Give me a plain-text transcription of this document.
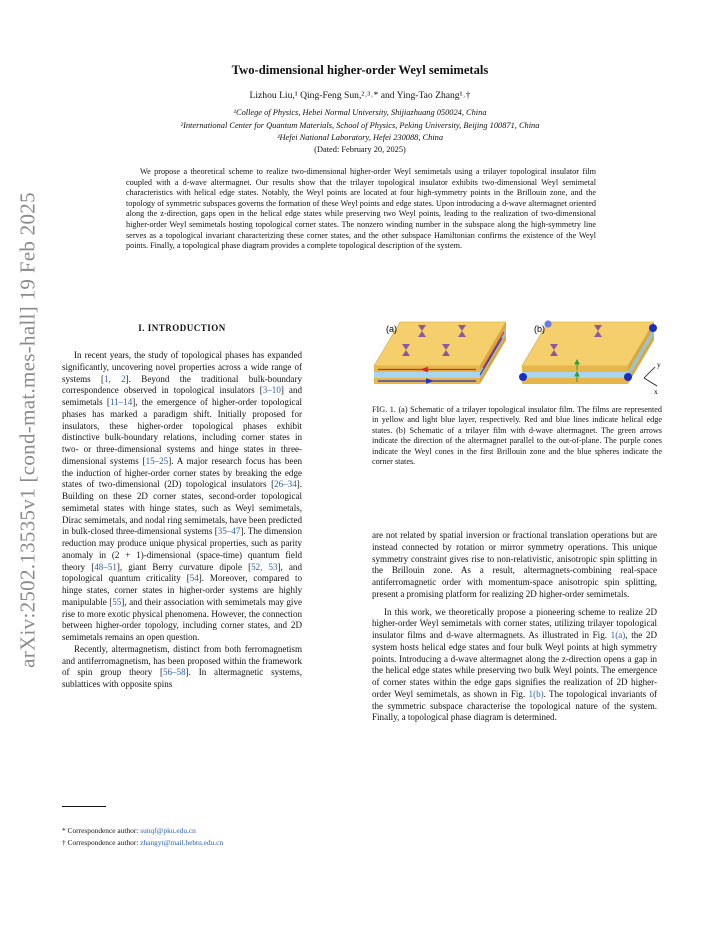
arXiv:2502.13535v1 [cond-mat.mes-hall] 19 Feb 2025
Two-dimensional higher-order Weyl semimetals
Lizhou Liu,¹ Qing-Feng Sun,²˒³˒* and Ying-Tao Zhang¹˒†
¹College of Physics, Hebei Normal University, Shijiazhuang 050024, China
²International Center for Quantum Materials, School of Physics, Peking University, Beijing 100871, China
³Hefei National Laboratory, Hefei 230088, China
(Dated: February 20, 2025)
We propose a theoretical scheme to realize two-dimensional higher-order Weyl semimetals using a trilayer topological insulator film coupled with a d-wave altermagnet. Our results show that the trilayer topological insulator exhibits two-dimensional Weyl semimetal characteristics with helical edge states. Notably, the Weyl points are located at four high-symmetry points in the Brillouin zone, and the topology of symmetric subspaces governs the formation of these Weyl points and edge states. Upon introducing a d-wave altermagnet oriented along the z-direction, gaps open in the helical edge states while preserving two Weyl points, leading to the realization of two-dimensional higher-order Weyl semimetals hosting topological corner states. The nonzero winding number in the subspace along the high-symmetry line serves as a topological invariant characterizing these corner states, and the other subspace Hamiltonian confirms the existence of the Weyl points. Finally, a topological phase diagram provides a complete topological description of the system.
I. INTRODUCTION

In recent years, the study of topological phases has expanded significantly, uncovering novel properties across a wide range of systems [1, 2]. Beyond the traditional bulk-boundary correspondence observed in topological insulators [3–10] and semimetals [11–14], the emergence of higher-order topological phases has marked a paradigm shift. Initially proposed for insulators, these higher-order topological phases exhibit distinctive bulk-boundary relations, including corner states in two- or three-dimensional systems and hinge states in three-dimensional systems [15–25]. A major research focus has been the induction of higher-order corner states by breaking the edge states of two-dimensional (2D) topological insulators [26–34]. Building on these 2D corner states, second-order topological semimetal states with hinge states, such as Weyl semimetals, Dirac semimetals, and nodal ring semimetals, have been predicted in bulk-closed three-dimensional systems [35–47]. The dimension reduction may produce unique physical properties, such as parity anomaly in (2 + 1)-dimensional (space-time) quantum field theory [48–51], giant Berry curvature dipole [52, 53], and topological quantum criticality [54]. Moreover, compared to hinge states, corner states in higher-order systems are highly manipulable [55], and their association with semimetals may give rise to more exotic physical phenomena. However, the connection between higher-order topology, including corner states, and 2D semimetals remains an open question.

Recently, altermagnetism, distinct from both ferromagnetism and antiferromagnetism, has been proposed within the framework of spin group theory [56–58]. In altermagnetic systems, sublattices with opposite spins

* Correspondence author: sunqf@pku.edu.cn
† Correspondence author: zhangyt@mail.hebtu.edu.cn
(a)	(b)
y
x
FIG. 1. (a) Schematic of a trilayer topological insulator film. The films are represented in yellow and light blue layer, respectively. Red and blue lines indicate helical edge states. (b) Schematic of a trilayer film with d-wave altermagnet. The green arrows indicate the direction of the altermagnet parallel to the out-of-plane. The purple cones indicate the Weyl cones in the first Brillouin zone and the blue spheres indicate the corner states.

are not related by spatial inversion or fractional translation operations but are instead connected by rotation or mirror symmetry operations. This unique symmetry constraint gives rise to non-relativistic, anisotropic spin splitting in the Brillouin zone. As a result, altermagnets-combining real-space antiferromagnetic order with momentum-space anisotropic spin splitting, present a promising platform for realizing 2D higher-order semimetals.

In this work, we theoretically propose a pioneering scheme to realize 2D higher-order Weyl semimetals with corner states, utilizing trilayer topological insulator films and d-wave altermagnets. As illustrated in Fig. 1(a), the 2D system hosts helical edge states and four bulk Weyl points at high symmetry points. Introducing a d-wave altermagnet along the z-direction opens a gap in the helical edge states while preserving two bulk Weyl points. The emergence of corner states within the edge gaps signifies the realization of 2D higher-order Weyl semimetals, as shown in Fig. 1(b). The topological invariants of the symmetric subspace characterise the topological nature of the system. Finally, a topological phase diagram is determined.
